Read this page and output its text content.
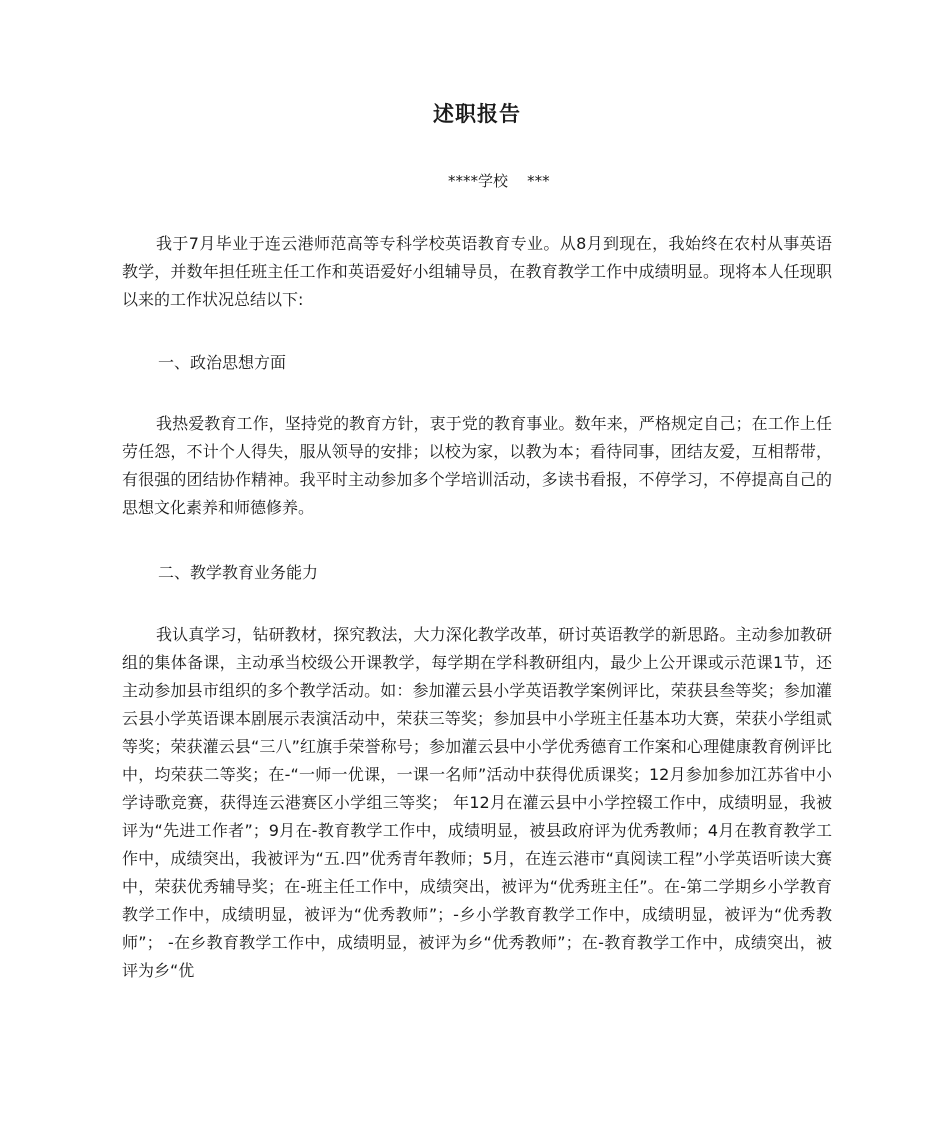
述职报告
****学校    ***

我于7月毕业于连云港师范高等专科学校英语教育专业。从8月到现在，我始终在农村从事英语教学，并数年担任班主任工作和英语爱好小组辅导员，在教育教学工作中成绩明显。现将本人任现职以来的工作状况总结以下:

一、政治思想方面

我热爱教育工作，坚持党的教育方针，衷于党的教育事业。数年来，严格规定自己；在工作上任劳任怨，不计个人得失，服从领导的安排；以校为家，以教为本；看待同事，团结友爱，互相帮带，有很强的团结协作精神。我平时主动参加多个学培训活动，多读书看报，不停学习，不停提高自己的思想文化素养和师德修养。

二、教学教育业务能力

我认真学习，钻研教材，探究教法，大力深化教学改革，研讨英语教学的新思路。主动参加教研组的集体备课，主动承当校级公开课教学，每学期在学科教研组内，最少上公开课或示范课1节，还主动参加县市组织的多个教学活动。如：参加灌云县小学英语教学案例评比，荣获县叁等奖；参加灌云县小学英语课本剧展示表演活动中，荣获三等奖；参加县中小学班主任基本功大赛，荣获小学组贰等奖；荣获灌云县“三八”红旗手荣誉称号；参加灌云县中小学优秀德育工作案和心理健康教育例评比中，均荣获二等奖；在-“一师一优课，一课一名师”活动中获得优质课奖；12月参加参加江苏省中小学诗歌竞赛，获得连云港赛区小学组三等奖； 年12月在灌云县中小学控辍工作中，成绩明显，我被评为“先进工作者”；9月在-教育教学工作中，成绩明显，被县政府评为优秀教师；4月在教育教学工作中，成绩突出，我被评为“五.四”优秀青年教师；5月，在连云港市“真阅读工程”小学英语听读大赛中，荣获优秀辅导奖；在-班主任工作中，成绩突出，被评为“优秀班主任”。在-第二学期乡小学教育教学工作中，成绩明显，被评为“优秀教师”；-乡小学教育教学工作中，成绩明显，被评为“优秀教师”； -在乡教育教学工作中，成绩明显，被评为乡“优秀教师”；在-教育教学工作中，成绩突出，被评为乡“优
